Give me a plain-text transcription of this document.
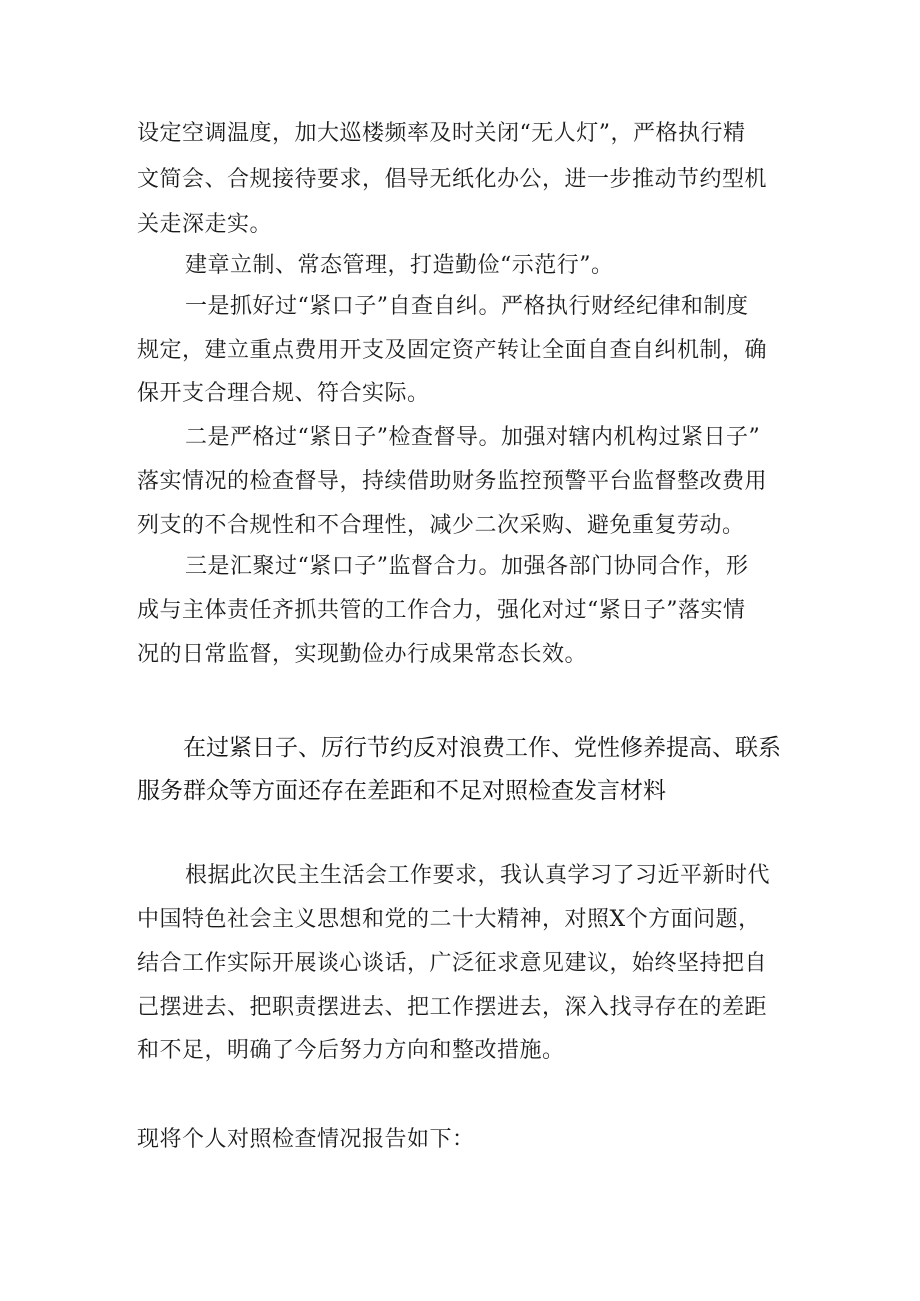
设定空调温度，加大巡楼频率及时关闭“无人灯”，严格执行精
文简会、合规接待要求，倡导无纸化办公，进一步推动节约型机
关走深走实。
建章立制、常态管理，打造勤俭“示范行”。
一是抓好过“紧口子”自查自纠。严格执行财经纪律和制度
规定，建立重点费用开支及固定资产转让全面自查自纠机制，确
保开支合理合规、符合实际。
二是严格过“紧日子”检查督导。加强对辖内机构过紧日子”
落实情况的检查督导，持续借助财务监控预警平台监督整改费用
列支的不合规性和不合理性，减少二次采购、避免重复劳动。
三是汇聚过“紧口子”监督合力。加强各部门协同合作，形
成与主体责任齐抓共管的工作合力，强化对过“紧日子”落实情
况的日常监督，实现勤俭办行成果常态长效。
在过紧日子、厉行节约反对浪费工作、党性修养提高、联系
服务群众等方面还存在差距和不足对照检查发言材料
根据此次民主生活会工作要求，我认真学习了习近平新时代
中国特色社会主义思想和党的二十大精神，对照X个方面问题，
结合工作实际开展谈心谈话，广泛征求意见建议，始终坚持把自
己摆进去、把职责摆进去、把工作摆进去，深入找寻存在的差距
和不足，明确了今后努力方向和整改措施。
现将个人对照检查情况报告如下：
